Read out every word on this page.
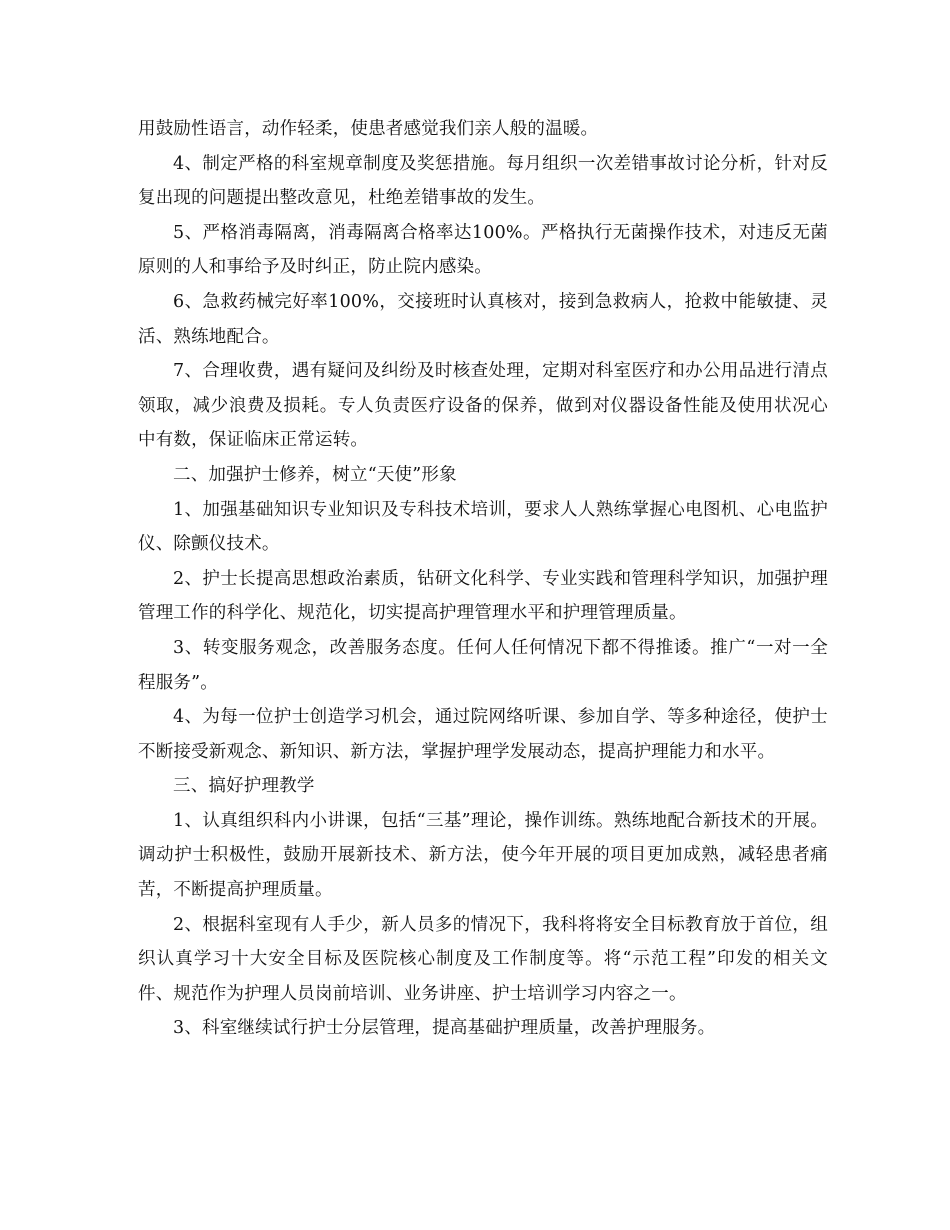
用鼓励性语言，动作轻柔，使患者感觉我们亲人般的温暖。

4、制定严格的科室规章制度及奖惩措施。每月组织一次差错事故讨论分析，针对反复出现的问题提出整改意见，杜绝差错事故的发生。

5、严格消毒隔离，消毒隔离合格率达100%。严格执行无菌操作技术，对违反无菌原则的人和事给予及时纠正，防止院内感染。

6、急救药械完好率100%，交接班时认真核对，接到急救病人，抢救中能敏捷、灵活、熟练地配合。

7、合理收费，遇有疑问及纠纷及时核查处理，定期对科室医疗和办公用品进行清点领取，减少浪费及损耗。专人负责医疗设备的保养，做到对仪器设备性能及使用状况心中有数，保证临床正常运转。

二、加强护士修养，树立“天使”形象

1、加强基础知识专业知识及专科技术培训，要求人人熟练掌握心电图机、心电监护仪、除颤仪技术。

2、护士长提高思想政治素质，钻研文化科学、专业实践和管理科学知识，加强护理管理工作的科学化、规范化，切实提高护理管理水平和护理管理质量。

3、转变服务观念，改善服务态度。任何人任何情况下都不得推诿。推广“一对一全程服务”。

4、为每一位护士创造学习机会，通过院网络听课、参加自学、等多种途径，使护士不断接受新观念、新知识、新方法，掌握护理学发展动态，提高护理能力和水平。

三、搞好护理教学

1、认真组织科内小讲课，包括“三基”理论，操作训练。熟练地配合新技术的开展。调动护士积极性，鼓励开展新技术、新方法，使今年开展的项目更加成熟，减轻患者痛苦，不断提高护理质量。

2、根据科室现有人手少，新人员多的情况下，我科将将安全目标教育放于首位，组织认真学习十大安全目标及医院核心制度及工作制度等。将“示范工程”印发的相关文件、规范作为护理人员岗前培训、业务讲座、护士培训学习内容之一。

3、科室继续试行护士分层管理，提高基础护理质量，改善护理服务。
